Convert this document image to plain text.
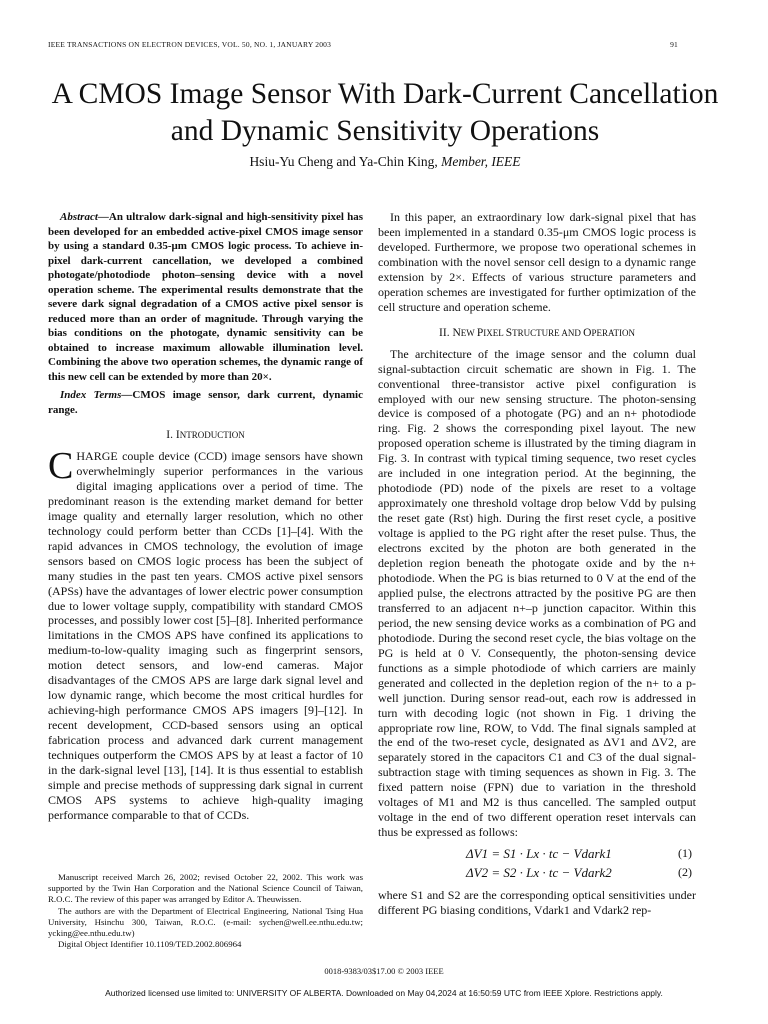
IEEE TRANSACTIONS ON ELECTRON DEVICES, VOL. 50, NO. 1, JANUARY 2003	91
A CMOS Image Sensor With Dark-Current Cancellation and Dynamic Sensitivity Operations
Hsiu-Yu Cheng and Ya-Chin King, Member, IEEE

Abstract—An ultralow dark-signal and high-sensitivity pixel has been developed for an embedded active-pixel CMOS image sensor by using a standard 0.35-μm CMOS logic process. To achieve in-pixel dark-current cancellation, we developed a combined photogate/photodiode photon–sensing device with a novel operation scheme. The experimental results demonstrate that the severe dark signal degradation of a CMOS active pixel sensor is reduced more than an order of magnitude. Through varying the bias conditions on the photogate, dynamic sensitivity can be obtained to increase maximum allowable illumination level. Combining the above two operation schemes, the dynamic range of this new cell can be extended by more than 20×.

Index Terms—CMOS image sensor, dark current, dynamic range.

I. INTRODUCTION

CHARGE couple device (CCD) image sensors have shown overwhelmingly superior performances in the various digital imaging applications over a period of time. The predominant reason is the extending market demand for better image quality and eternally larger resolution, which no other technology could perform better than CCDs [1]–[4]. With the rapid advances in CMOS technology, the evolution of image sensors based on CMOS logic process has been the subject of many studies in the past ten years. CMOS active pixel sensors (APSs) have the advantages of lower electric power consumption due to lower voltage supply, compatibility with standard CMOS processes, and possibly lower cost [5]–[8]. Inherited performance limitations in the CMOS APS have confined its applications to medium-to-low-quality imaging such as fingerprint sensors, motion detect sensors, and low-end cameras. Major disadvantages of the CMOS APS are large dark signal level and low dynamic range, which become the most critical hurdles for achieving-high performance CMOS APS imagers [9]–[12]. In recent development, CCD-based sensors using an optical fabrication process and advanced dark current management techniques outperform the CMOS APS by at least a factor of 10 in the dark-signal level [13], [14]. It is thus essential to establish simple and precise methods of suppressing dark signal in current CMOS APS systems to achieve high-quality imaging performance comparable to that of CCDs.

Manuscript received March 26, 2002; revised October 22, 2002. This work was supported by the Twin Han Corporation and the National Science Council of Taiwan, R.O.C. The review of this paper was arranged by Editor A. Theuwissen.

The authors are with the Department of Electrical Engineering, National Tsing Hua University, Hsinchu 300, Taiwan, R.O.C. (e-mail: sychen@well.ee.nthu.edu.tw; ycking@ee.nthu.edu.tw)

Digital Object Identifier 10.1109/TED.2002.806964

In this paper, an extraordinary low dark-signal pixel that has been implemented in a standard 0.35-μm CMOS logic process is developed. Furthermore, we propose two operational schemes in combination with the novel sensor cell design to a dynamic range extension by 2×. Effects of various structure parameters and operation schemes are investigated for further optimization of the cell structure and operation scheme.

II. NEW PIXEL STRUCTURE AND OPERATION

The architecture of the image sensor and the column dual signal-subtaction circuit schematic are shown in Fig. 1. The conventional three-transistor active pixel configuration is employed with our new sensing structure. The photon-sensing device is composed of a photogate (PG) and an n+ photodiode ring. Fig. 2 shows the corresponding pixel layout. The new proposed operation scheme is illustrated by the timing diagram in Fig. 3. In contrast with typical timing sequence, two reset cycles are included in one integration period. At the beginning, the photodiode (PD) node of the pixels are reset to a voltage approximately one threshold voltage drop below Vdd by pulsing the reset gate (Rst) high. During the first reset cycle, a positive voltage is applied to the PG right after the reset pulse. Thus, the electrons excited by the photon are both generated in the depletion region beneath the photogate oxide and by the n+ photodiode. When the PG is bias returned to 0 V at the end of the applied pulse, the electrons attracted by the positive PG are then transferred to an adjacent n+–p junction capacitor. Within this period, the new sensing device works as a combination of PG and photodiode. During the second reset cycle, the bias voltage on the PG is held at 0 V. Consequently, the photon-sensing device functions as a simple photodiode of which carriers are mainly generated and collected in the depletion region of the n+ to a p-well junction. During sensor read-out, each row is addressed in turn with decoding logic (not shown in Fig. 1 driving the appropriate row line, ROW, to Vdd. The final signals sampled at the end of the two-reset cycle, designated as ΔV1 and ΔV2, are separately stored in the capacitors C1 and C3 of the dual signal-subtraction stage with timing sequences as shown in Fig. 3. The fixed pattern noise (FPN) due to variation in the threshold voltages of M1 and M2 is thus cancelled. The sampled output voltage in the end of two different operation reset intervals can thus be expressed as follows:

ΔV1 = S1 · Lx · tc − Vdark1	(1)
ΔV2 = S2 · Lx · tc − Vdark2	(2)

where S1 and S2 are the corresponding optical sensitivities under different PG biasing conditions, Vdark1 and Vdark2 rep-

0018-9383/03$17.00 © 2003 IEEE
Authorized licensed use limited to: UNIVERSITY OF ALBERTA. Downloaded on May 04,2024 at 16:50:59 UTC from IEEE Xplore. Restrictions apply.
